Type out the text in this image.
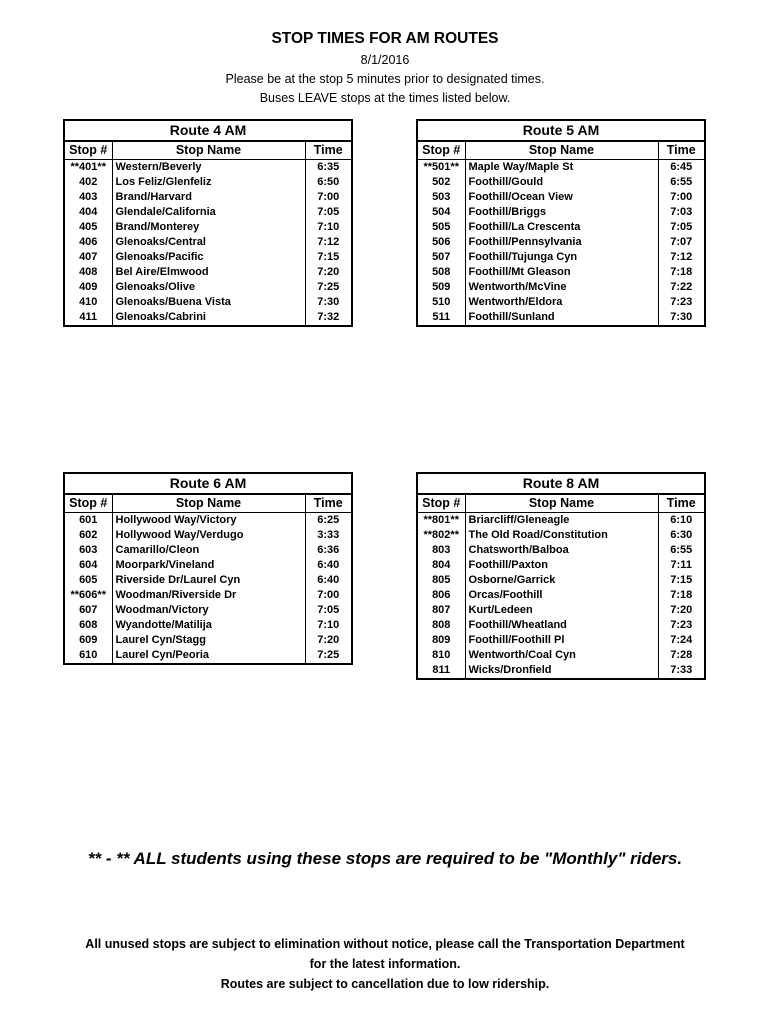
STOP TIMES FOR AM ROUTES
8/1/2016
Please be at the stop 5 minutes prior to designated times.
Buses LEAVE stops at the times listed below.
Route 4 AM		
Stop #	Stop Name	Time
**401**	Western/Beverly	6:35
402	Los Feliz/Glenfeliz	6:50
403	Brand/Harvard	7:00
404	Glendale/California	7:05
405	Brand/Monterey	7:10
406	Glenoaks/Central	7:12
407	Glenoaks/Pacific	7:15
408	Bel Aire/Elmwood	7:20
409	Glenoaks/Olive	7:25
410	Glenoaks/Buena Vista	7:30
411	Glenoaks/Cabrini	7:32
Route 5 AM		
Stop #	Stop Name	Time
**501**	Maple Way/Maple St	6:45
502	Foothill/Gould	6:55
503	Foothill/Ocean View	7:00
504	Foothill/Briggs	7:03
505	Foothill/La Crescenta	7:05
506	Foothill/Pennsylvania	7:07
507	Foothill/Tujunga Cyn	7:12
508	Foothill/Mt Gleason	7:18
509	Wentworth/McVine	7:22
510	Wentworth/Eldora	7:23
511	Foothill/Sunland	7:30
Route 6 AM		
Stop #	Stop Name	Time
601	Hollywood Way/Victory	6:25
602	Hollywood Way/Verdugo	3:33
603	Camarillo/Cleon	6:36
604	Moorpark/Vineland	6:40
605	Riverside Dr/Laurel Cyn	6:40
**606**	Woodman/Riverside Dr	7:00
607	Woodman/Victory	7:05
608	Wyandotte/Matilija	7:10
609	Laurel Cyn/Stagg	7:20
610	Laurel Cyn/Peoria	7:25
Route 8 AM		
Stop #	Stop Name	Time
**801**	Briarcliff/Gleneagle	6:10
**802**	The Old Road/Constitution	6:30
803	Chatsworth/Balboa	6:55
804	Foothill/Paxton	7:11
805	Osborne/Garrick	7:15
806	Orcas/Foothill	7:18
807	Kurt/Ledeen	7:20
808	Foothill/Wheatland	7:23
809	Foothill/Foothill Pl	7:24
810	Wentworth/Coal Cyn	7:28
811	Wicks/Dronfield	7:33
** - ** ALL students using these stops are required to be "Monthly" riders.
All unused stops are subject to elimination without notice, please call the Transportation Department
for the latest information.
Routes are subject to cancellation due to low ridership.
